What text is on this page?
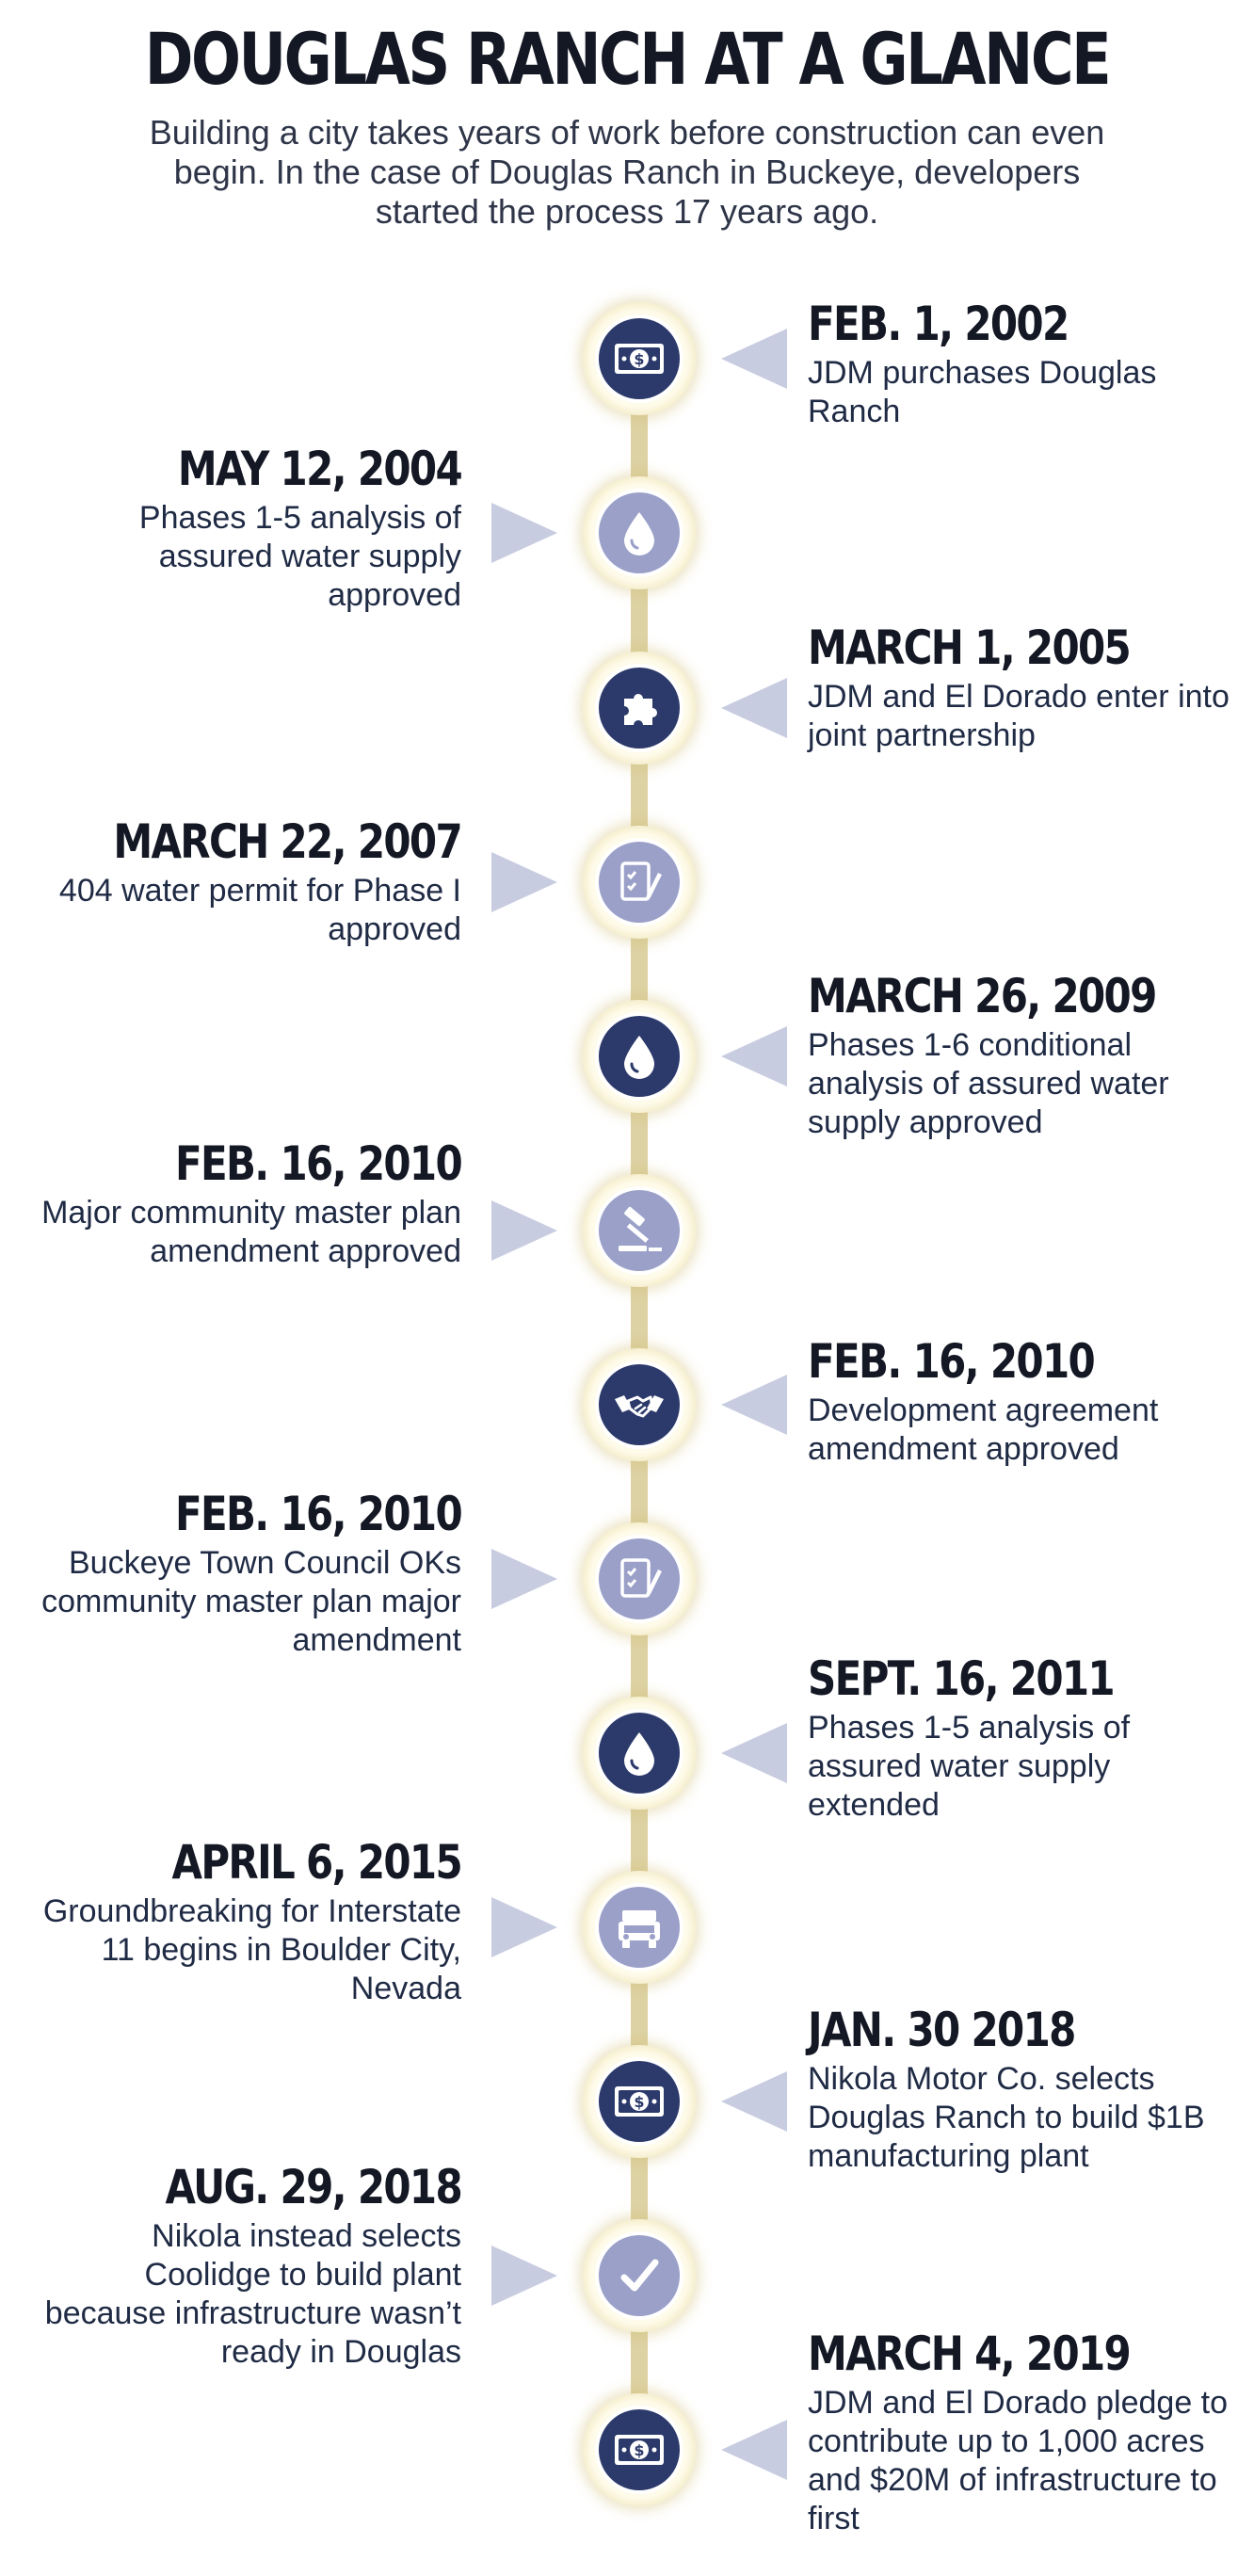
DOUGLAS RANCH AT A GLANCE

Building a city takes years of work before construction can even begin. In the case of Douglas Ranch in Buckeye, developers started the process 17 years ago.

$
FEB. 1, 2002
JDM purchases Douglas Ranch
MAY 12, 2004
Phases 1-5 analysis of assured water supply approved
MARCH 1, 2005
JDM and El Dorado enter into joint partnership
MARCH 22, 2007
404 water permit for Phase I approved
MARCH 26, 2009
Phases 1-6 conditional analysis of assured water supply approved
FEB. 16, 2010
Major community master plan amendment approved
FEB. 16, 2010
Development agreement amendment approved
FEB. 16, 2010
Buckeye Town Council OKs community master plan major amendment
SEPT. 16, 2011
Phases 1-5 analysis of assured water supply extended
APRIL 6, 2015
Groundbreaking for Interstate 11 begins in Boulder City, Nevada
$
JAN. 30 2018
Nikola Motor Co. selects Douglas Ranch to build $1B manufacturing plant
AUG. 29, 2018
Nikola instead selects Coolidge to build plant because infrastructure wasn’t ready in Douglas
$
MARCH 4, 2019
JDM and El Dorado pledge to contribute up to 1,000 acres and $20M of infrastructure to first
